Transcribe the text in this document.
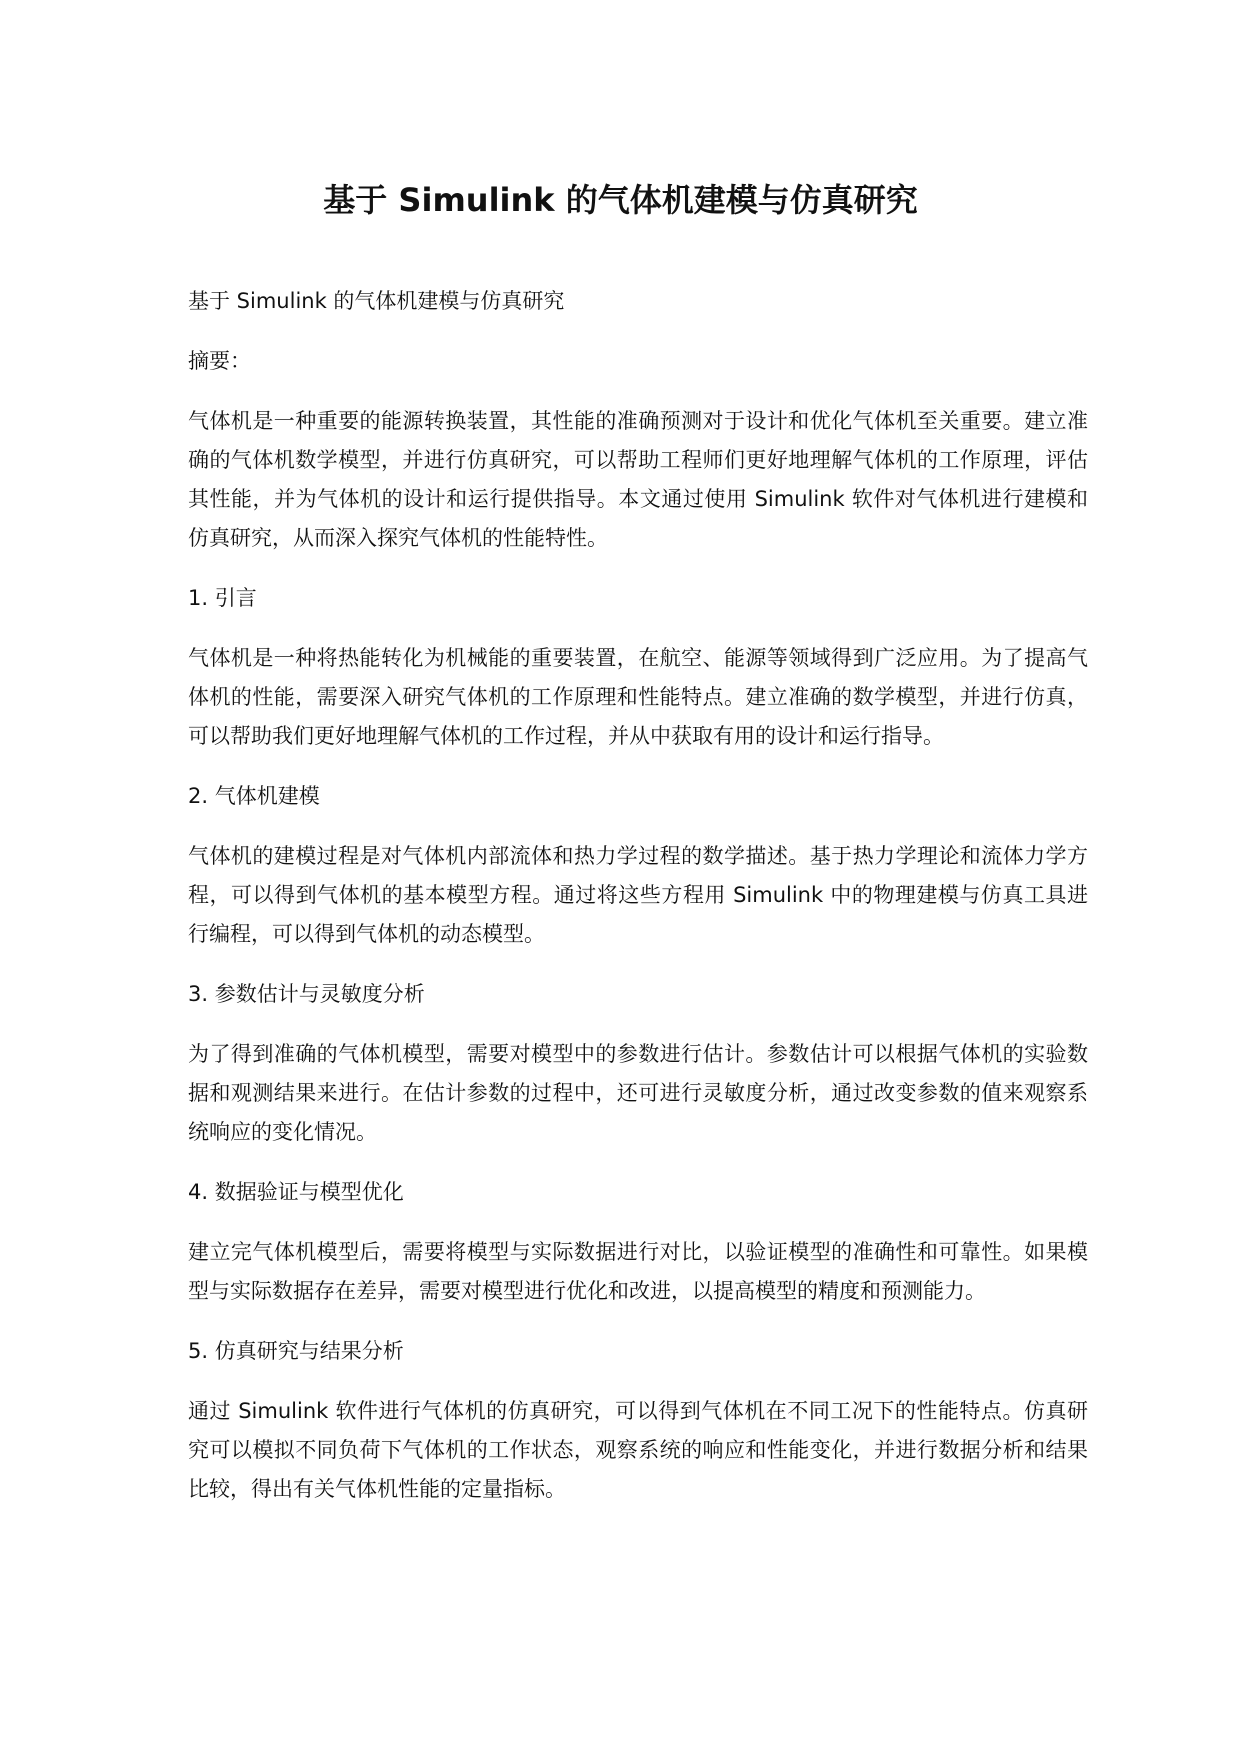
基于 Simulink 的气体机建模与仿真研究

基于 Simulink 的气体机建模与仿真研究

摘要：

气体机是一种重要的能源转换装置，其性能的准确预测对于设计和优化气体机至关重要。建立准确的气体机数学模型，并进行仿真研究，可以帮助工程师们更好地理解气体机的工作原理，评估其性能，并为气体机的设计和运行提供指导。本文通过使用 Simulink 软件对气体机进行建模和仿真研究，从而深入探究气体机的性能特性。

1. 引言

气体机是一种将热能转化为机械能的重要装置，在航空、能源等领域得到广泛应用。为了提高气体机的性能，需要深入研究气体机的工作原理和性能特点。建立准确的数学模型，并进行仿真，可以帮助我们更好地理解气体机的工作过程，并从中获取有用的设计和运行指导。

2. 气体机建模

气体机的建模过程是对气体机内部流体和热力学过程的数学描述。基于热力学理论和流体力学方程，可以得到气体机的基本模型方程。通过将这些方程用 Simulink 中的物理建模与仿真工具进行编程，可以得到气体机的动态模型。

3. 参数估计与灵敏度分析

为了得到准确的气体机模型，需要对模型中的参数进行估计。参数估计可以根据气体机的实验数据和观测结果来进行。在估计参数的过程中，还可进行灵敏度分析，通过改变参数的值来观察系统响应的变化情况。

4. 数据验证与模型优化

建立完气体机模型后，需要将模型与实际数据进行对比，以验证模型的准确性和可靠性。如果模型与实际数据存在差异，需要对模型进行优化和改进，以提高模型的精度和预测能力。

5. 仿真研究与结果分析

通过 Simulink 软件进行气体机的仿真研究，可以得到气体机在不同工况下的性能特点。仿真研究可以模拟不同负荷下气体机的工作状态，观察系统的响应和性能变化，并进行数据分析和结果比较，得出有关气体机性能的定量指标。
